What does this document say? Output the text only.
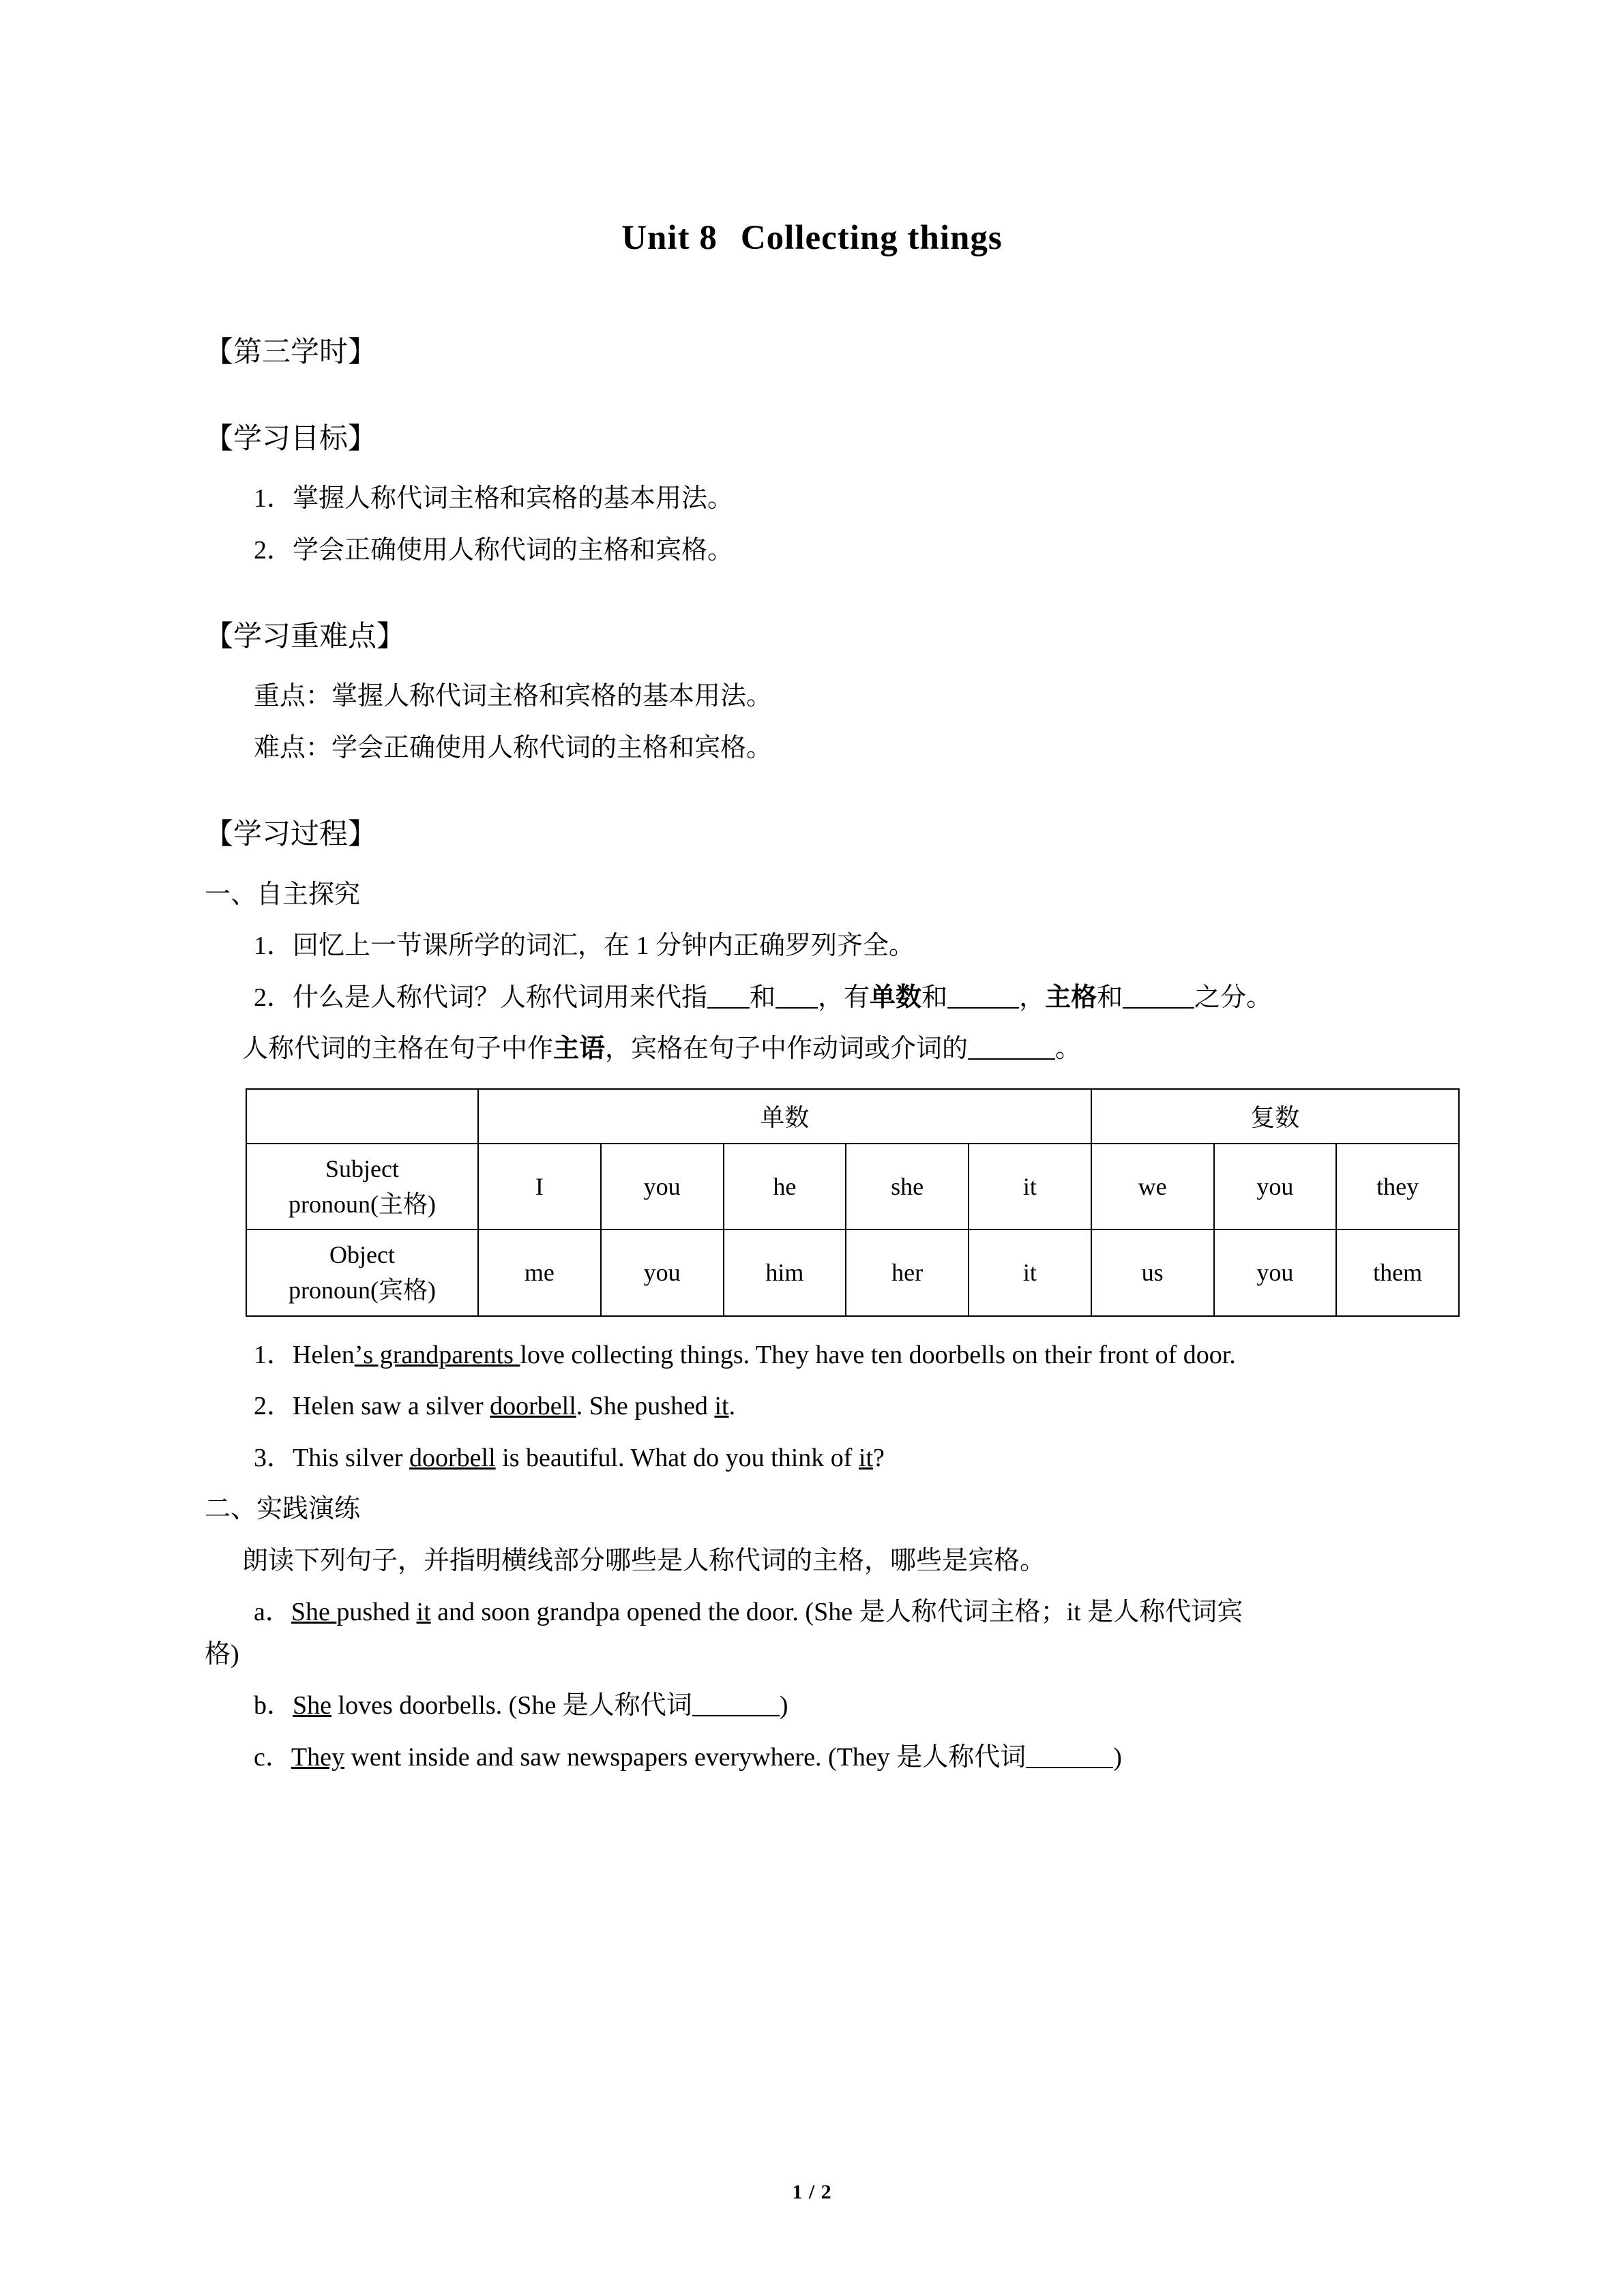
Unit 8 Collecting things

【第三学时】

【学习目标】

1．掌握人称代词主格和宾格的基本用法。

2．学会正确使用人称代词的主格和宾格。

【学习重难点】

重点：掌握人称代词主格和宾格的基本用法。

难点：学会正确使用人称代词的主格和宾格。

【学习过程】

一、自主探究

1．回忆上一节课所学的词汇，在 1 分钟内正确罗列齐全。

2．什么是人称代词？人称代词用来代指 和 ，有单数和	，主格和	之分。

人称代词的主格在句子中作主语，宾格在句子中作动词或介词的	。

	单数					复数		

Subject
pronoun(主格)	I	you	he	she	it	we	you	they

Object
pronoun(宾格)	me	you	him	her	it	us	you	them

1．Helenʼs grandparents love collecting things. They have ten doorbells on their front of door.

2．Helen saw a silver doorbell. She pushed it.

3．This silver doorbell is beautiful. What do you think of it?

二、实践演练

朗读下列句子，并指明横线部分哪些是人称代词的主格，哪些是宾格。

a．She pushed it and soon grandpa opened the door. (She 是人称代词主格；it 是人称代词宾

格)

b．She loves doorbells. (She 是人称代词	)

c．They went inside and saw newspapers everywhere. (They 是人称代词	)

1 / 2
